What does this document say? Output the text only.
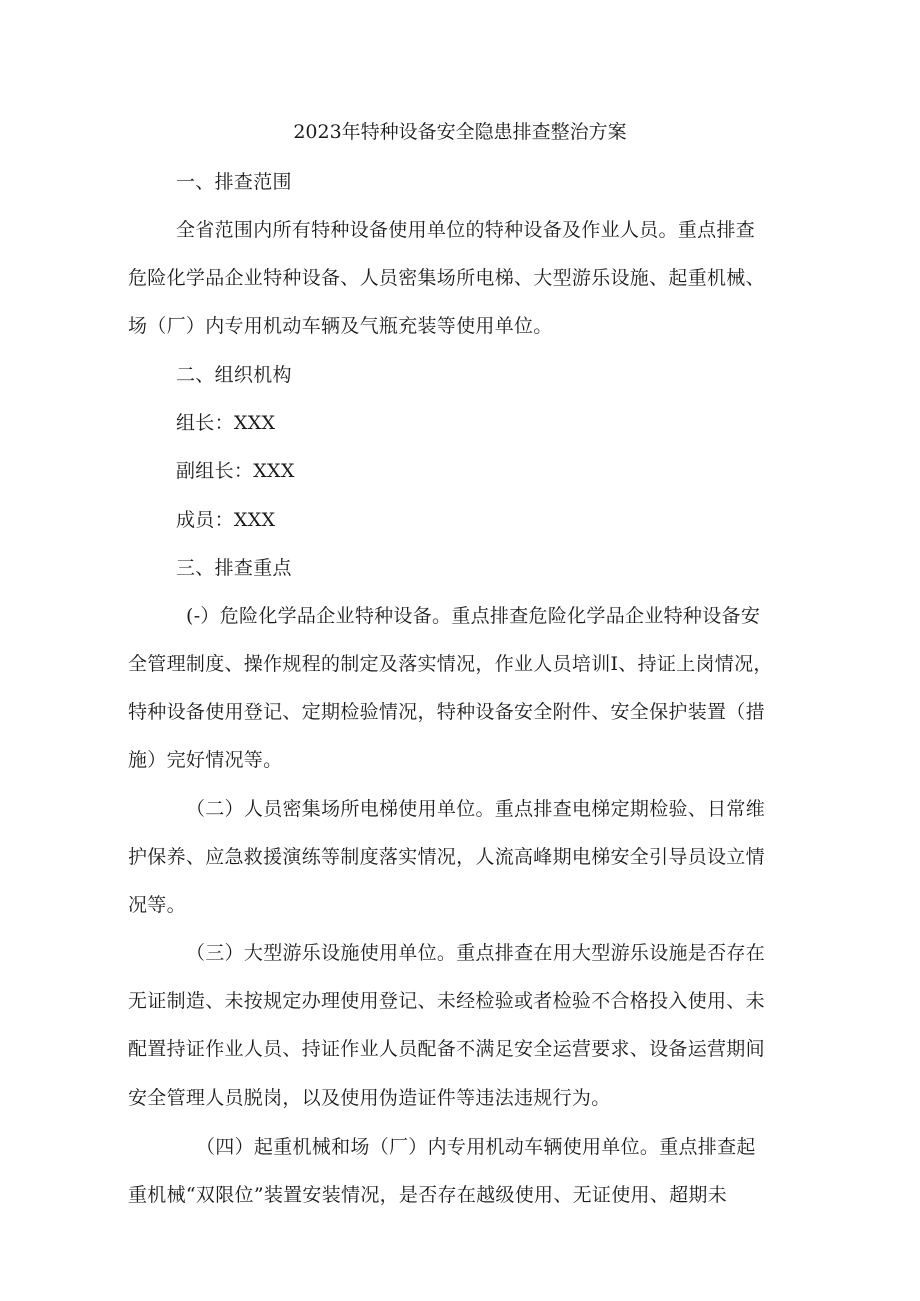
2023年特种设备安全隐患排查整治方案
一、排查范围
全省范围内所有特种设备使用单位的特种设备及作业人员。重点排查
危险化学品企业特种设备、人员密集场所电梯、大型游乐设施、起重机械、
场（厂）内专用机动车辆及气瓶充装等使用单位。
二、组织机构
组长：XXX
副组长：XXX
成员：XXX
三、排查重点
(-）危险化学品企业特种设备。重点排查危险化学品企业特种设备安
全管理制度、操作规程的制定及落实情况，作业人员培训I、持证上岗情况，
特种设备使用登记、定期检验情况，特种设备安全附件、安全保护装置（措
施）完好情况等。
（二）人员密集场所电梯使用单位。重点排查电梯定期检验、日常维
护保养、应急救援演练等制度落实情况，人流高峰期电梯安全引导员设立情
况等。
（三）大型游乐设施使用单位。重点排查在用大型游乐设施是否存在
无证制造、未按规定办理使用登记、未经检验或者检验不合格投入使用、未
配置持证作业人员、持证作业人员配备不满足安全运营要求、设备运营期间
安全管理人员脱岗，以及使用伪造证件等违法违规行为。
（四）起重机械和场（厂）内专用机动车辆使用单位。重点排查起
重机械“双限位”装置安装情况，是否存在越级使用、无证使用、超期未
